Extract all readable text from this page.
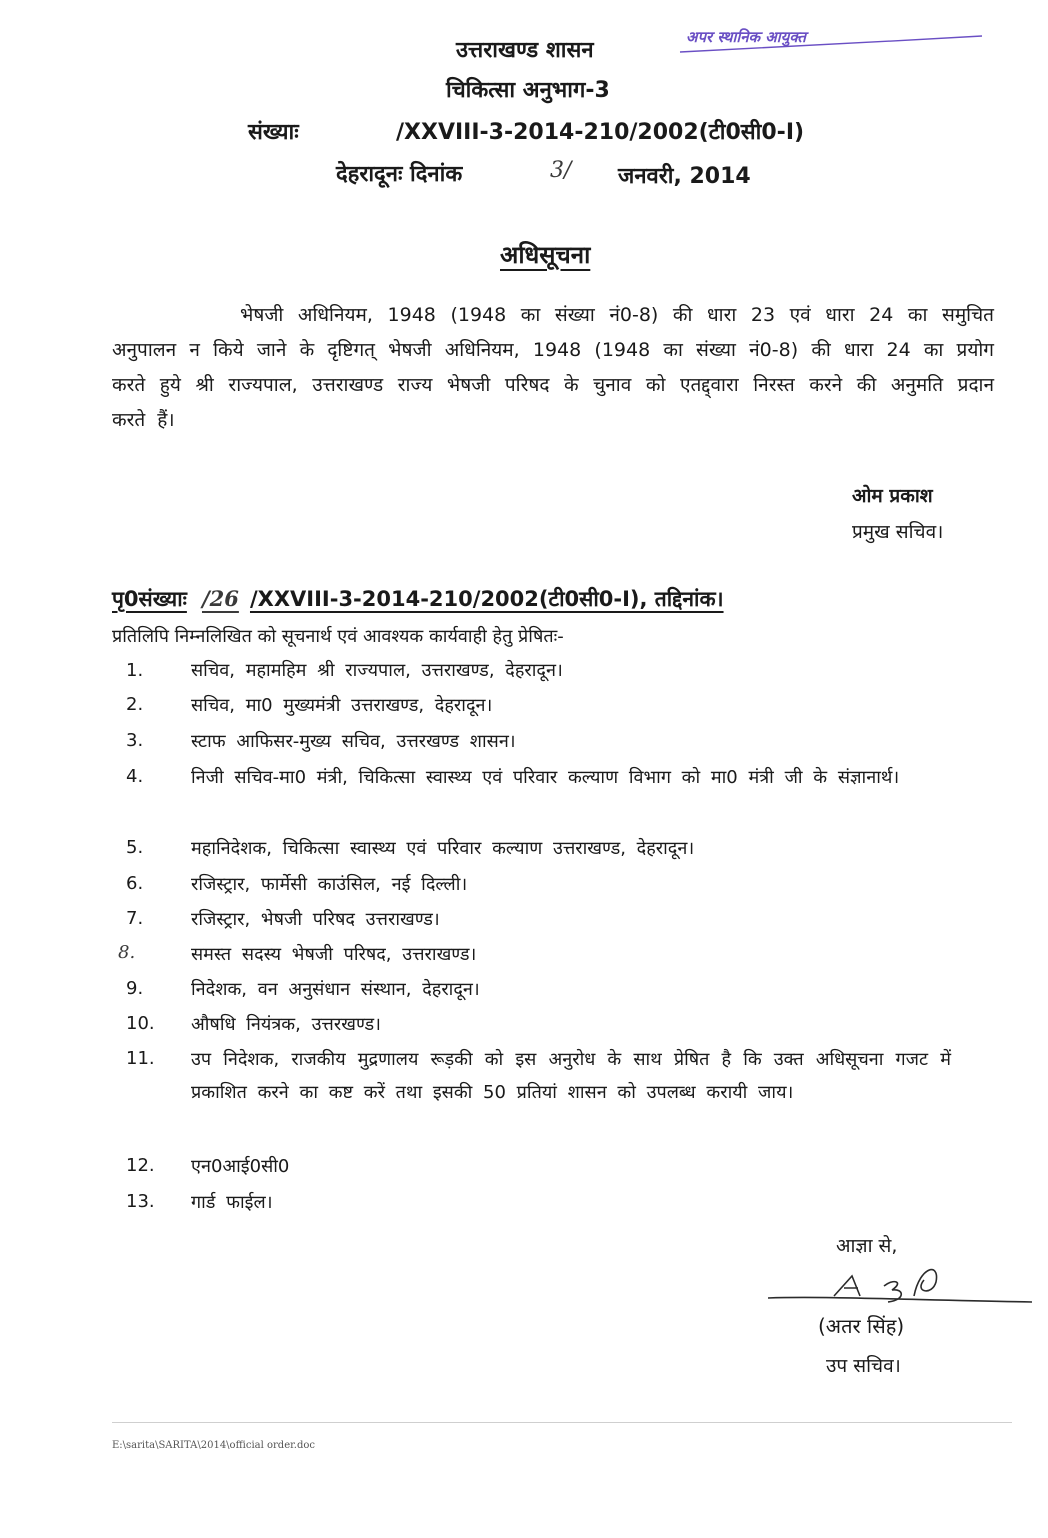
अपर स्थानिक आयुक्त
उत्तराखण्ड शासन
चिकित्सा अनुभाग-3
संख्याः	/XXVIII-3-2014-210/2002(टी0सी0-I)
देहरादूनः दिनांक	3/ जनवरी, 2014
अधिसूचना

भेषजी अधिनियम, 1948 (1948 का संख्या नं0-8) की धारा 23 एवं धारा 24 का समुचित अनुपालन न किये जाने के दृष्टिगत् भेषजी अधिनियम, 1948 (1948 का संख्या नं0-8) की धारा 24 का प्रयोग करते हुये श्री राज्यपाल, उत्तराखण्ड राज्य भेषजी परिषद के चुनाव को एतद्द्वारा निरस्त करने की अनुमति प्रदान करते हैं।

ओम प्रकाश
प्रमुख सचिव।
पृ0संख्याः /26 /XXVIII-3-2014-210/2002(टी0सी0-I), तद्दिनांक।
प्रतिलिपि निम्नलिखित को सूचनार्थ एवं आवश्यक कार्यवाही हेतु प्रेषितः-
1.	सचिव, महामहिम श्री राज्यपाल, उत्तराखण्ड, देहरादून।
2.	सचिव, मा0 मुख्यमंत्री उत्तराखण्ड, देहरादून।
3.	स्टाफ आफिसर-मुख्य सचिव, उत्तरखण्ड शासन।
4.	निजी सचिव-मा0 मंत्री, चिकित्सा स्वास्थ्य एवं परिवार कल्याण विभाग को मा0 मंत्री जी के संज्ञानार्थ।
5.	महानिदेशक, चिकित्सा स्वास्थ्य एवं परिवार कल्याण उत्तराखण्ड, देहरादून।
6.	रजिस्ट्रार, फार्मेसी काउंसिल, नई दिल्ली।
7.	रजिस्ट्रार, भेषजी परिषद उत्तराखण्ड।
8.	समस्त सदस्य भेषजी परिषद, उत्तराखण्ड।
9.	निदेशक, वन अनुसंधान संस्थान, देहरादून।
10.	औषधि नियंत्रक, उत्तरखण्ड।
11.	उप निदेशक, राजकीय मुद्रणालय रूड़की को इस अनुरोध के साथ प्रेषित है कि उक्त अधिसूचना गजट में प्रकाशित करने का कष्ट करें तथा इसकी 50 प्रतियां शासन को उपलब्ध करायी जाय।
12.	एन0आई0सी0
13.	गार्ड फाईल।
आज्ञा से,
(अतर सिंह)
उप सचिव।
E:\sarita\SARITA\2014\official order.doc
